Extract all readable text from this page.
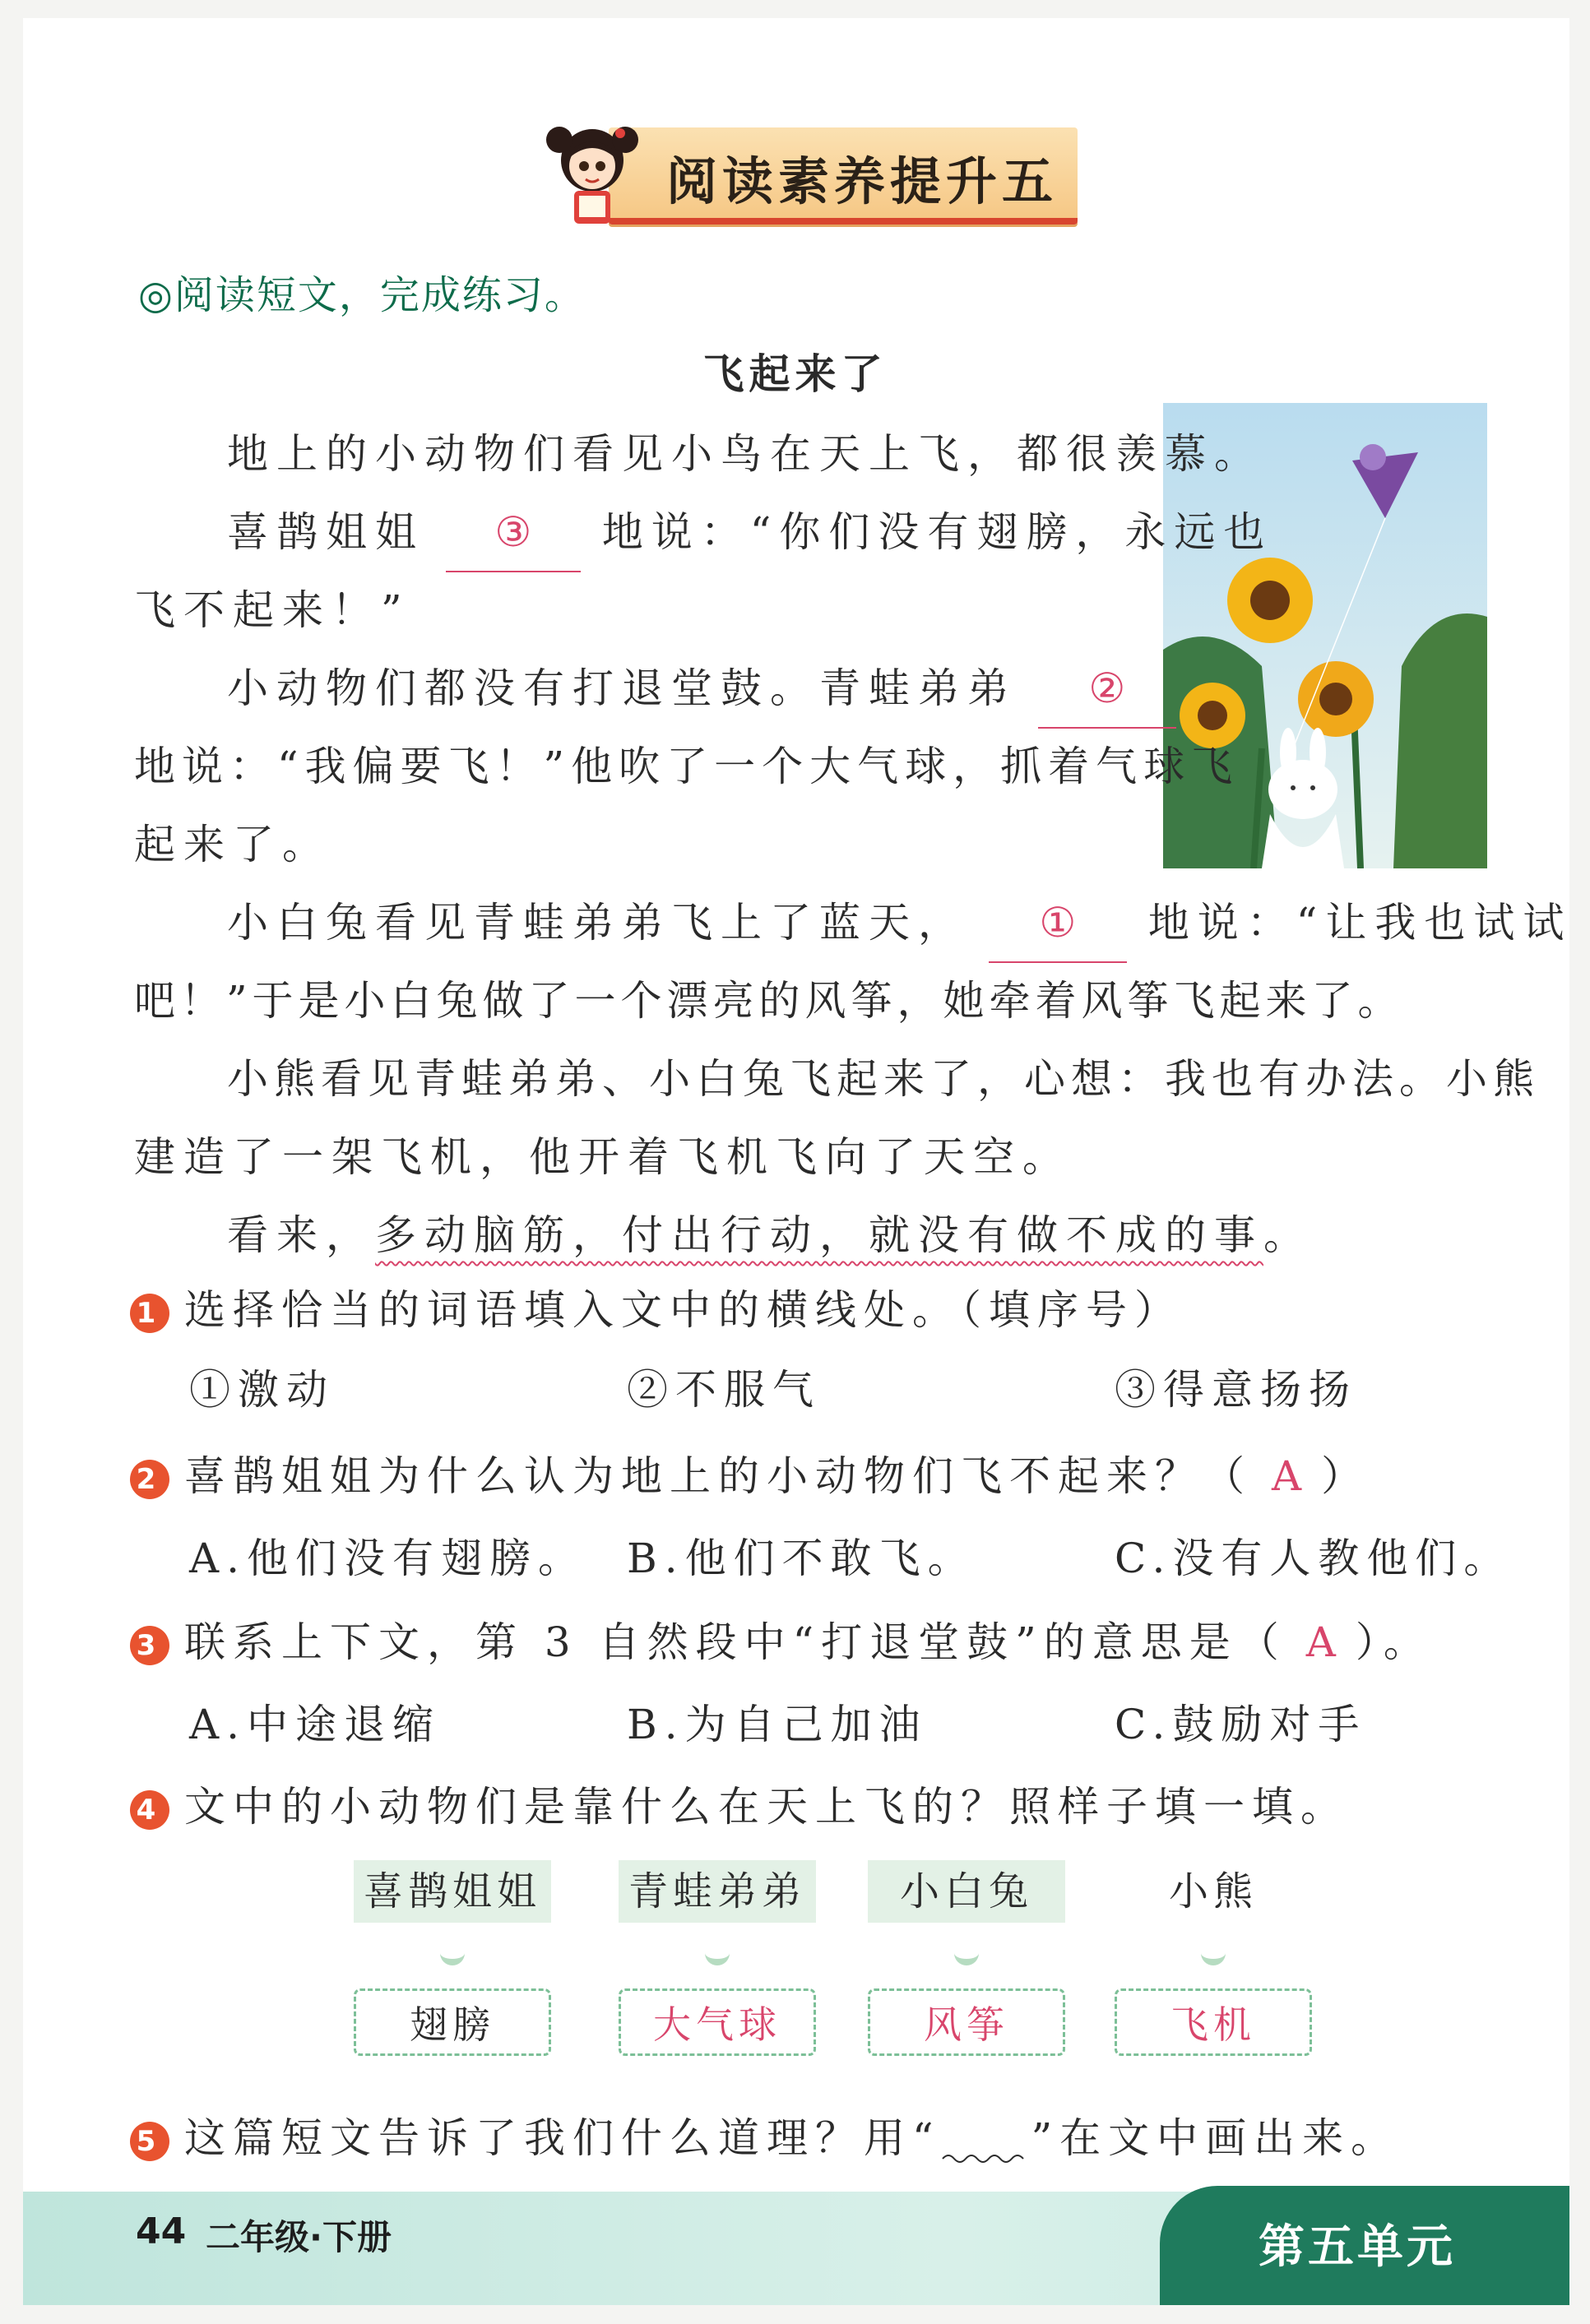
阅读素养提升五
◎阅读短文，完成练习。
飞起来了
地上的小动物们看见小鸟在天上飞，都很羡慕。
喜鹊姐姐 ③ 地说：“你们没有翅膀，永远也
飞不起来！”
小动物们都没有打退堂鼓。青蛙弟弟 ②
地说：“我偏要飞！”他吹了一个大气球，抓着气球飞
起来了。
小白兔看见青蛙弟弟飞上了蓝天， ① 地说：“让我也试试
吧！”于是小白兔做了一个漂亮的风筝，她牵着风筝飞起来了。
小熊看见青蛙弟弟、小白兔飞起来了，心想：我也有办法。小熊
建造了一架飞机，他开着飞机飞向了天空。
看来，多动脑筋，付出行动，就没有做不成的事。
1 选择恰当的词语填入文中的横线处。（填序号）
①激动	②不服气	③得意扬扬
2 喜鹊姐姐为什么认为地上的小动物们飞不起来？（ A ）
A.他们没有翅膀。 B.他们不敢飞。	C.没有人教他们。
3 联系上下文，第 3 自然段中“打退堂鼓”的意思是（ A ）。
A.中途退缩	B.为自己加油	C.鼓励对手
4 文中的小动物们是靠什么在天上飞的？照样子填一填。
喜鹊姐姐 青蛙弟弟	小白兔	小熊
翅膀	大气球	风筝	飞机
5 这篇短文告诉了我们什么道理？用“ ”在文中画出来。
44 二年级·下册	第五单元
